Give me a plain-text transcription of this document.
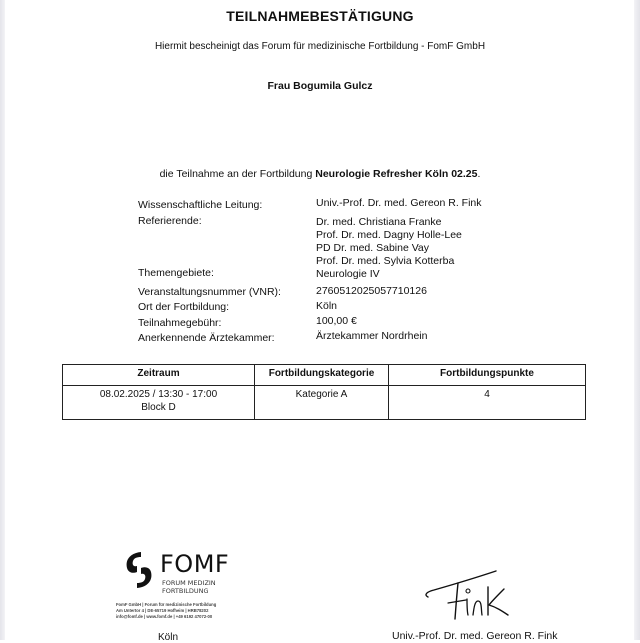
TEILNAHMEBESTÄTIGUNG
Hiermit bescheinigt das Forum für medizinische Fortbildung - FomF GmbH
Frau Bogumila Gulcz
die Teilnahme an der Fortbildung Neurologie Refresher Köln 02.25.
Wissenschaftliche Leitung:	Univ.-Prof. Dr. med. Gereon R. Fink
Referierende:	Dr. med. Christiana Franke
Prof. Dr. med. Dagny Holle-Lee
PD Dr. med. Sabine Vay
Prof. Dr. med. Sylvia Kotterba
Themengebiete:	Neurologie IV
Veranstaltungsnummer (VNR):	2760512025057710126
Ort der Fortbildung:	Köln
Teilnahmegebühr:	100,00 €
Anerkennende Ärztekammer:	Ärztekammer Nordrhein
Zeitraum	Fortbildungskategorie	Fortbildungspunkte

08.02.2025 / 13:30 - 17:00
Block D	Kategorie A	4
FOMF
FORUM MEDIZIN
FORTBILDUNG
FomF GmbH | Forum für medizinische Fortbildung
Am Untertor 4 | DE-65719 Hofheim | HRB78202
info@fomf.de | www.fomf.de | +49 6192 47072-00
Köln	Univ.-Prof. Dr. med. Gereon R. Fink
